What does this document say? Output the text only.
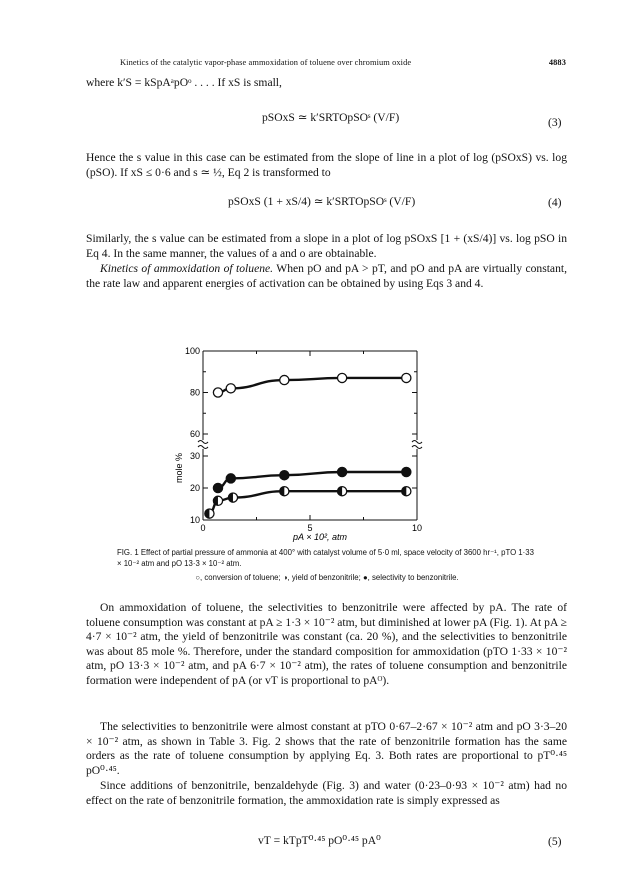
Kinetics of the catalytic vapor-phase ammoxidation of toluene over chromium oxide	4883
where k′S = kSpAᵃpOᵒ . . . . If xS is small,
pSOxS ≃ k′SRTOpSOˢ (V/F)	(3)
Hence the s value in this case can be estimated from the slope of line in a plot of log (pSOxS) vs. log (pSO). If xS ≤ 0·6 and s ≃ ½, Eq 2 is transformed to
pSOxS (1 + xS/4) ≃ k′SRTOpSOˢ (V/F)	(4)
Similarly, the s value can be estimated from a slope in a plot of log pSOxS [1 + (xS/4)] vs. log pSO in Eq 4. In the same manner, the values of a and o are obtainable.
Kinetics of ammoxidation of toluene. When pO and pA > pT, and pO and pA are virtually constant, the rate law and apparent energies of activation can be obtained by using Eqs 3 and 4.
100
80
60
30
20
10
0	5	10
mole %
pA × 10², atm
FIG. 1 Effect of partial pressure of ammonia at 400° with catalyst volume of 5·0 ml, space velocity of 3600 hr⁻¹, pTO 1·33 × 10⁻² atm and pO 13·3 × 10⁻² atm.
○, conversion of toluene; ◑, yield of benzonitrile; ●, selectivity to benzonitrile.
On ammoxidation of toluene, the selectivities to benzonitrile were affected by pA. The rate of toluene consumption was constant at pA ≥ 1·3 × 10⁻² atm, but diminished at lower pA (Fig. 1). At pA ≥ 4·7 × 10⁻² atm, the yield of benzonitrile was constant (ca. 20 %), and the selectivities to benzonitrile was about 85 mole %. Therefore, under the standard composition for ammoxidation (pTO 1·33 × 10⁻² atm, pO 13·3 × 10⁻² atm, and pA 6·7 × 10⁻² atm), the rates of toluene consumption and benzonitrile formation were independent of pA (or vT is proportional to pAᴼ).
The selectivities to benzonitrile were almost constant at pTO 0·67–2·67 × 10⁻² atm and pO 3·3–20 × 10⁻² atm, as shown in Table 3. Fig. 2 shows that the rate of benzonitrile formation has the same orders as the rate of toluene consumption by applying Eq. 3. Both rates are proportional to pT⁰·⁴⁵ pO⁰·⁴⁵.
Since additions of benzonitrile, benzaldehyde (Fig. 3) and water (0·23–0·93 × 10⁻² atm) had no effect on the rate of benzonitrile formation, the ammoxidation rate is simply expressed as
vT = kTpT⁰·⁴⁵ pO⁰·⁴⁵ pA⁰	(5)
